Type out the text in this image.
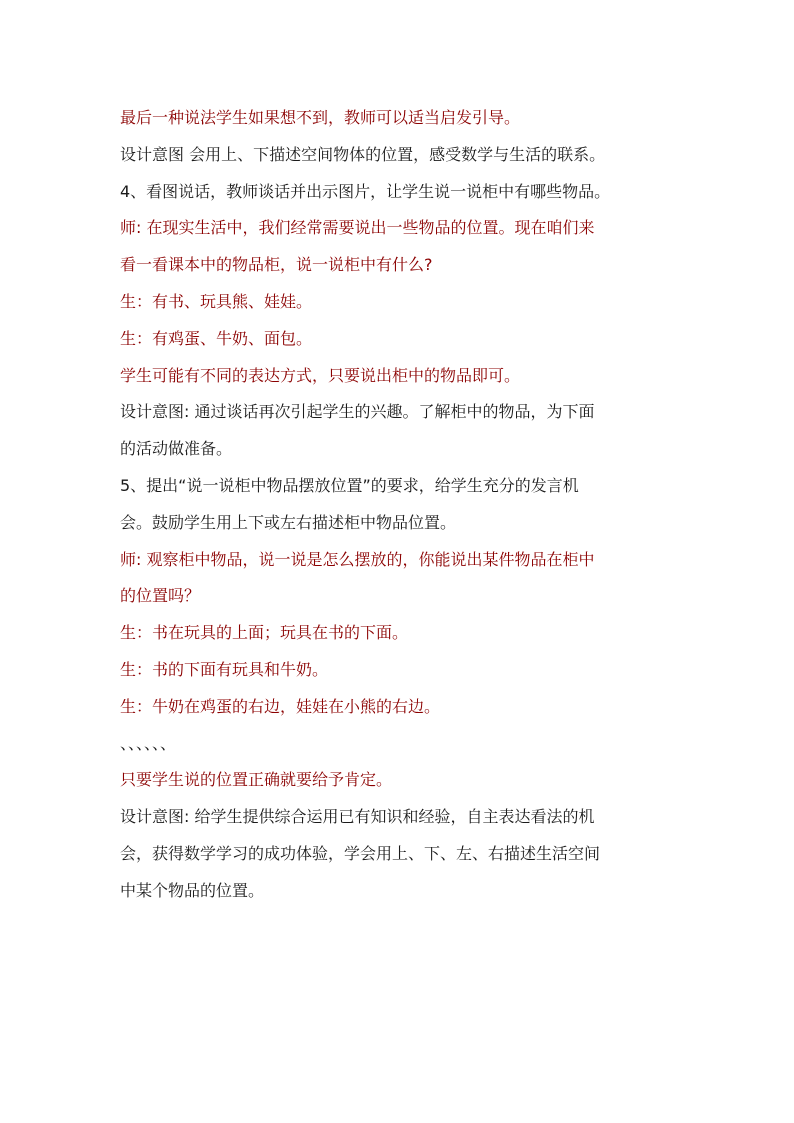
最后一种说法学生如果想不到，教师可以适当启发引导。
设计意图 会用上、下描述空间物体的位置，感受数学与生活的联系。
4、看图说话，教师谈话并出示图片，让学生说一说柜中有哪些物品。
师: 在现实生活中，我们经常需要说出一些物品的位置。现在咱们来
看一看课本中的物品柜，说一说柜中有什么?
生：有书、玩具熊、娃娃。
生：有鸡蛋、牛奶、面包。
学生可能有不同的表达方式，只要说出柜中的物品即可。
设计意图: 通过谈话再次引起学生的兴趣。了解柜中的物品，为下面
的活动做准备。
5、提出“说一说柜中物品摆放位置”的要求，给学生充分的发言机
会。鼓励学生用上下或左右描述柜中物品位置。
师: 观察柜中物品，说一说是怎么摆放的，你能说出某件物品在柜中
的位置吗？
生：书在玩具的上面；玩具在书的下面。
生：书的下面有玩具和牛奶。
生：牛奶在鸡蛋的右边，娃娃在小熊的右边。
、、、、、、
只要学生说的位置正确就要给予肯定。
设计意图: 给学生提供综合运用已有知识和经验，自主表达看法的机
会，获得数学学习的成功体验，学会用上、下、左、右描述生活空间
中某个物品的位置。
